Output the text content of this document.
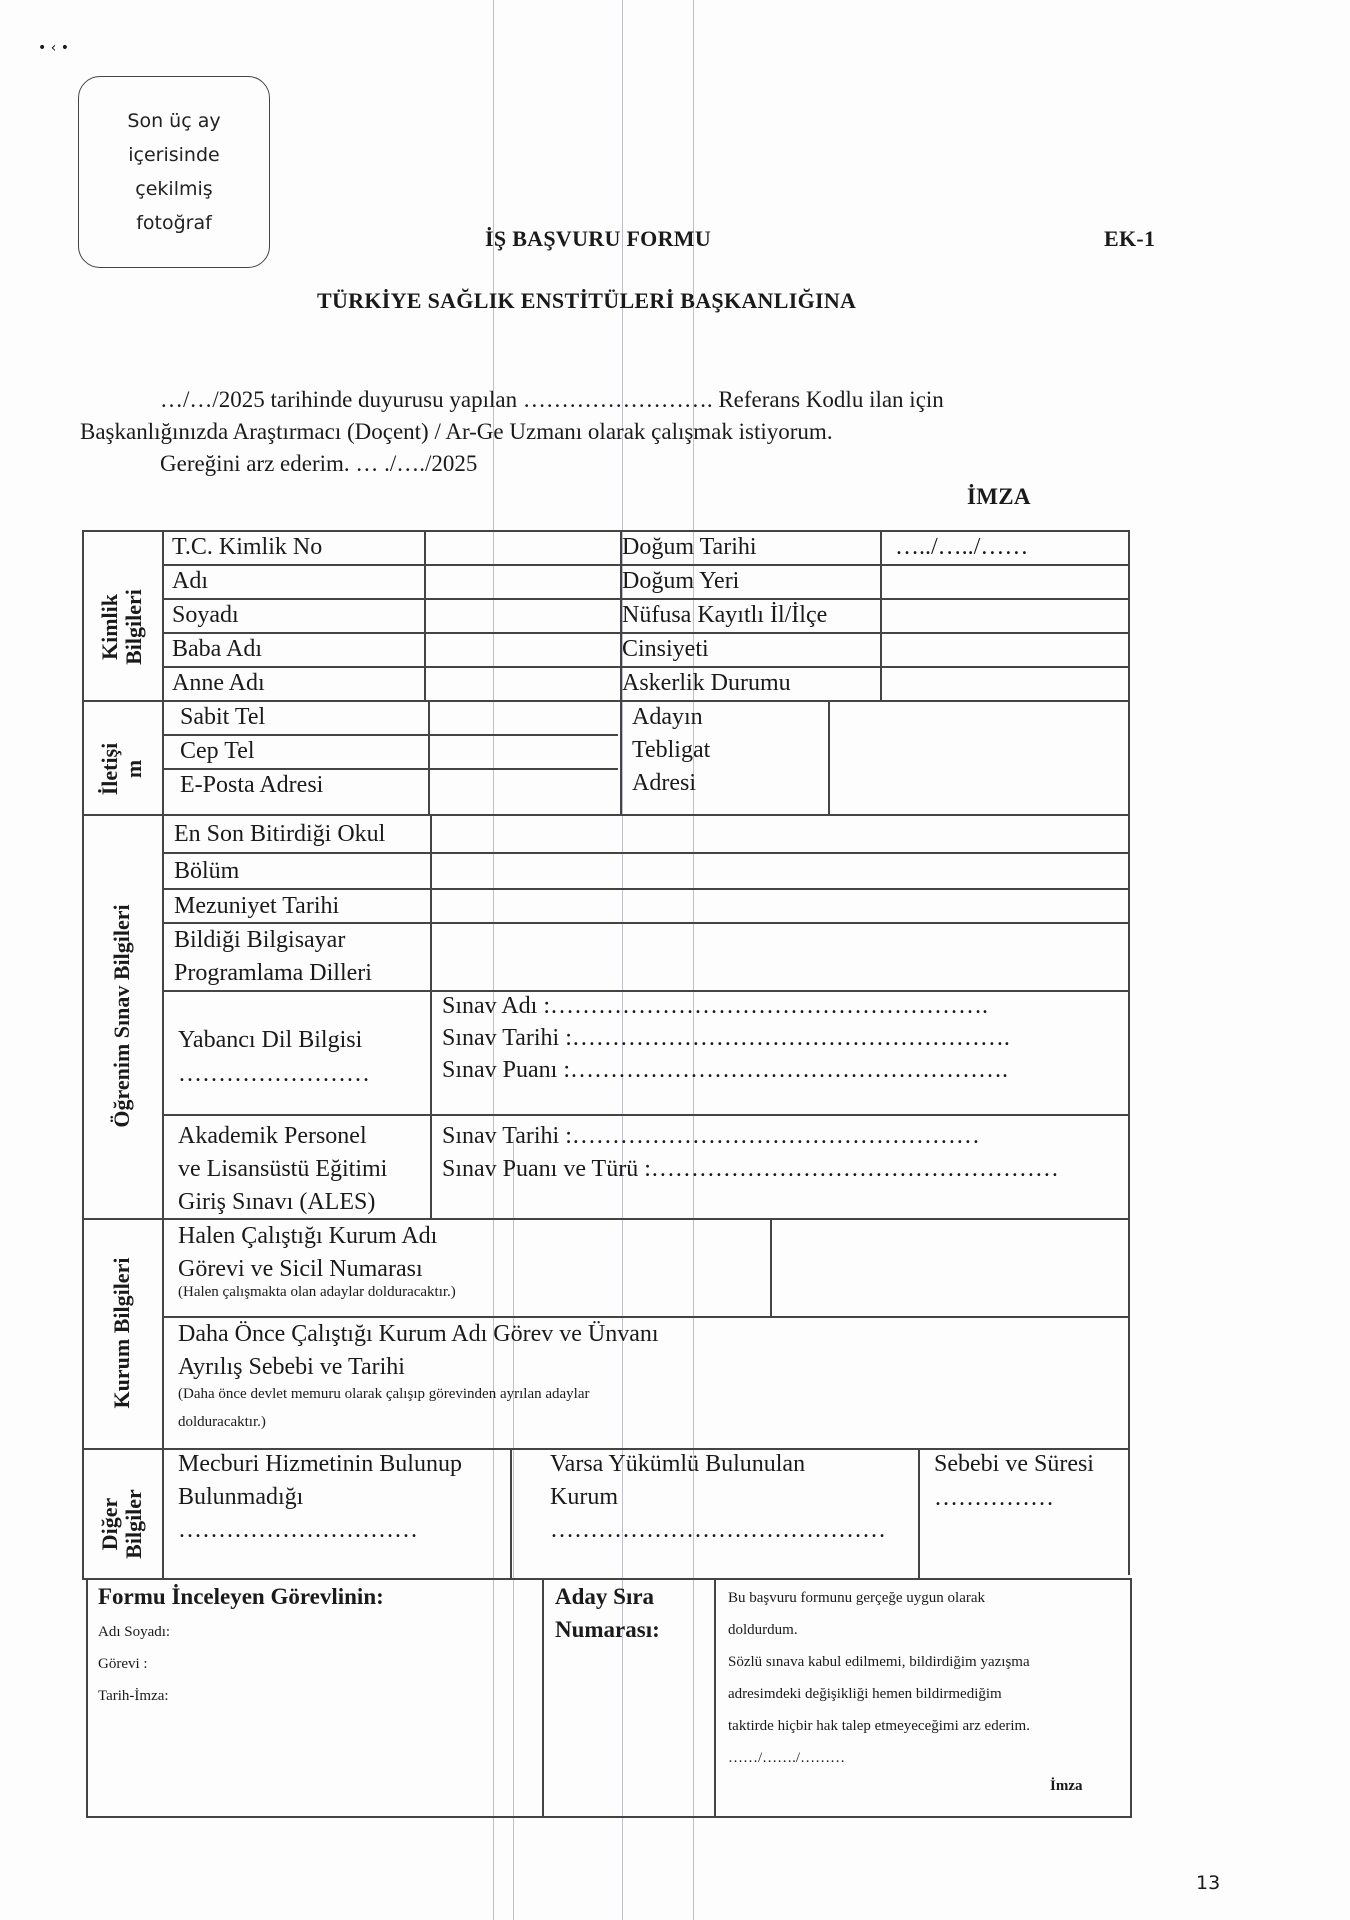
• ‹ •
Son üç ay
içerisinde
çekilmiş
fotoğraf
İŞ BAŞVURU FORMU	EK-1
TÜRKİYE SAĞLIK ENSTİTÜLERİ BAŞKANLIĞINA
…/…/2025 tarihinde duyurusu yapılan ……………………. Referans Kodlu ilan için
Başkanlığınızda Araştırmacı (Doçent) / Ar-Ge Uzmanı olarak çalışmak istiyorum.
Gereğini arz ederim. … ./…./2025
İMZA
Kimlik
Bilgileri
İletişi
m
Öğrenim Sınav Bilgileri
Kurum Bilgileri
Diğer
Bilgiler
T.C. Kimlik No
Adı
Soyadı
Baba Adı
Anne Adı
Doğum Tarihi
Doğum Yeri
Nüfusa Kayıtlı İl/İlçe
Cinsiyeti
Askerlik Durumu
…../…../……
Sabit Tel
Cep Tel
E-Posta Adresi
Adayın
Tebligat
Adresi
En Son Bitirdiği Okul
Bölüm
Mezuniyet Tarihi
Bildiği Bilgisayar
Programlama Dilleri
Yabancı Dil Bilgisi
……………………
Sınav Adı :……………………………………………….
Sınav Tarihi :……………………………………………….
Sınav Puanı :……………………………………………….
Akademik Personel
ve Lisansüstü Eğitimi
Giriş Sınavı (ALES)
Sınav Tarihi :……………………………………………
Sınav Puanı ve Türü :……………………………………………
Halen Çalıştığı Kurum Adı
Görevi ve Sicil Numarası
(Halen çalışmakta olan adaylar dolduracaktır.)
Daha Önce Çalıştığı Kurum Adı Görev ve Ünvanı
Ayrılış Sebebi ve Tarihi
(Daha önce devlet memuru olarak çalışıp görevinden ayrılan adaylar
dolduracaktır.)
Mecburi Hizmetinin Bulunup
Bulunmadığı
…………………………
Varsa Yükümlü Bulunulan
Kurum
……………………………………
Sebebi ve Süresi
……………
Formu İnceleyen Görevlinin:
Adı Soyadı:
Görevi :
Tarih-İmza:
Aday Sıra
Numarası:
Bu başvuru formunu gerçeğe uygun olarak
doldurdum.
Sözlü sınava kabul edilmemi, bildirdiğim yazışma
adresimdeki değişikliği hemen bildirmediğim
taktirde hiçbir hak talep etmeyeceğimi arz ederim.
……/……./………
İmza
13
